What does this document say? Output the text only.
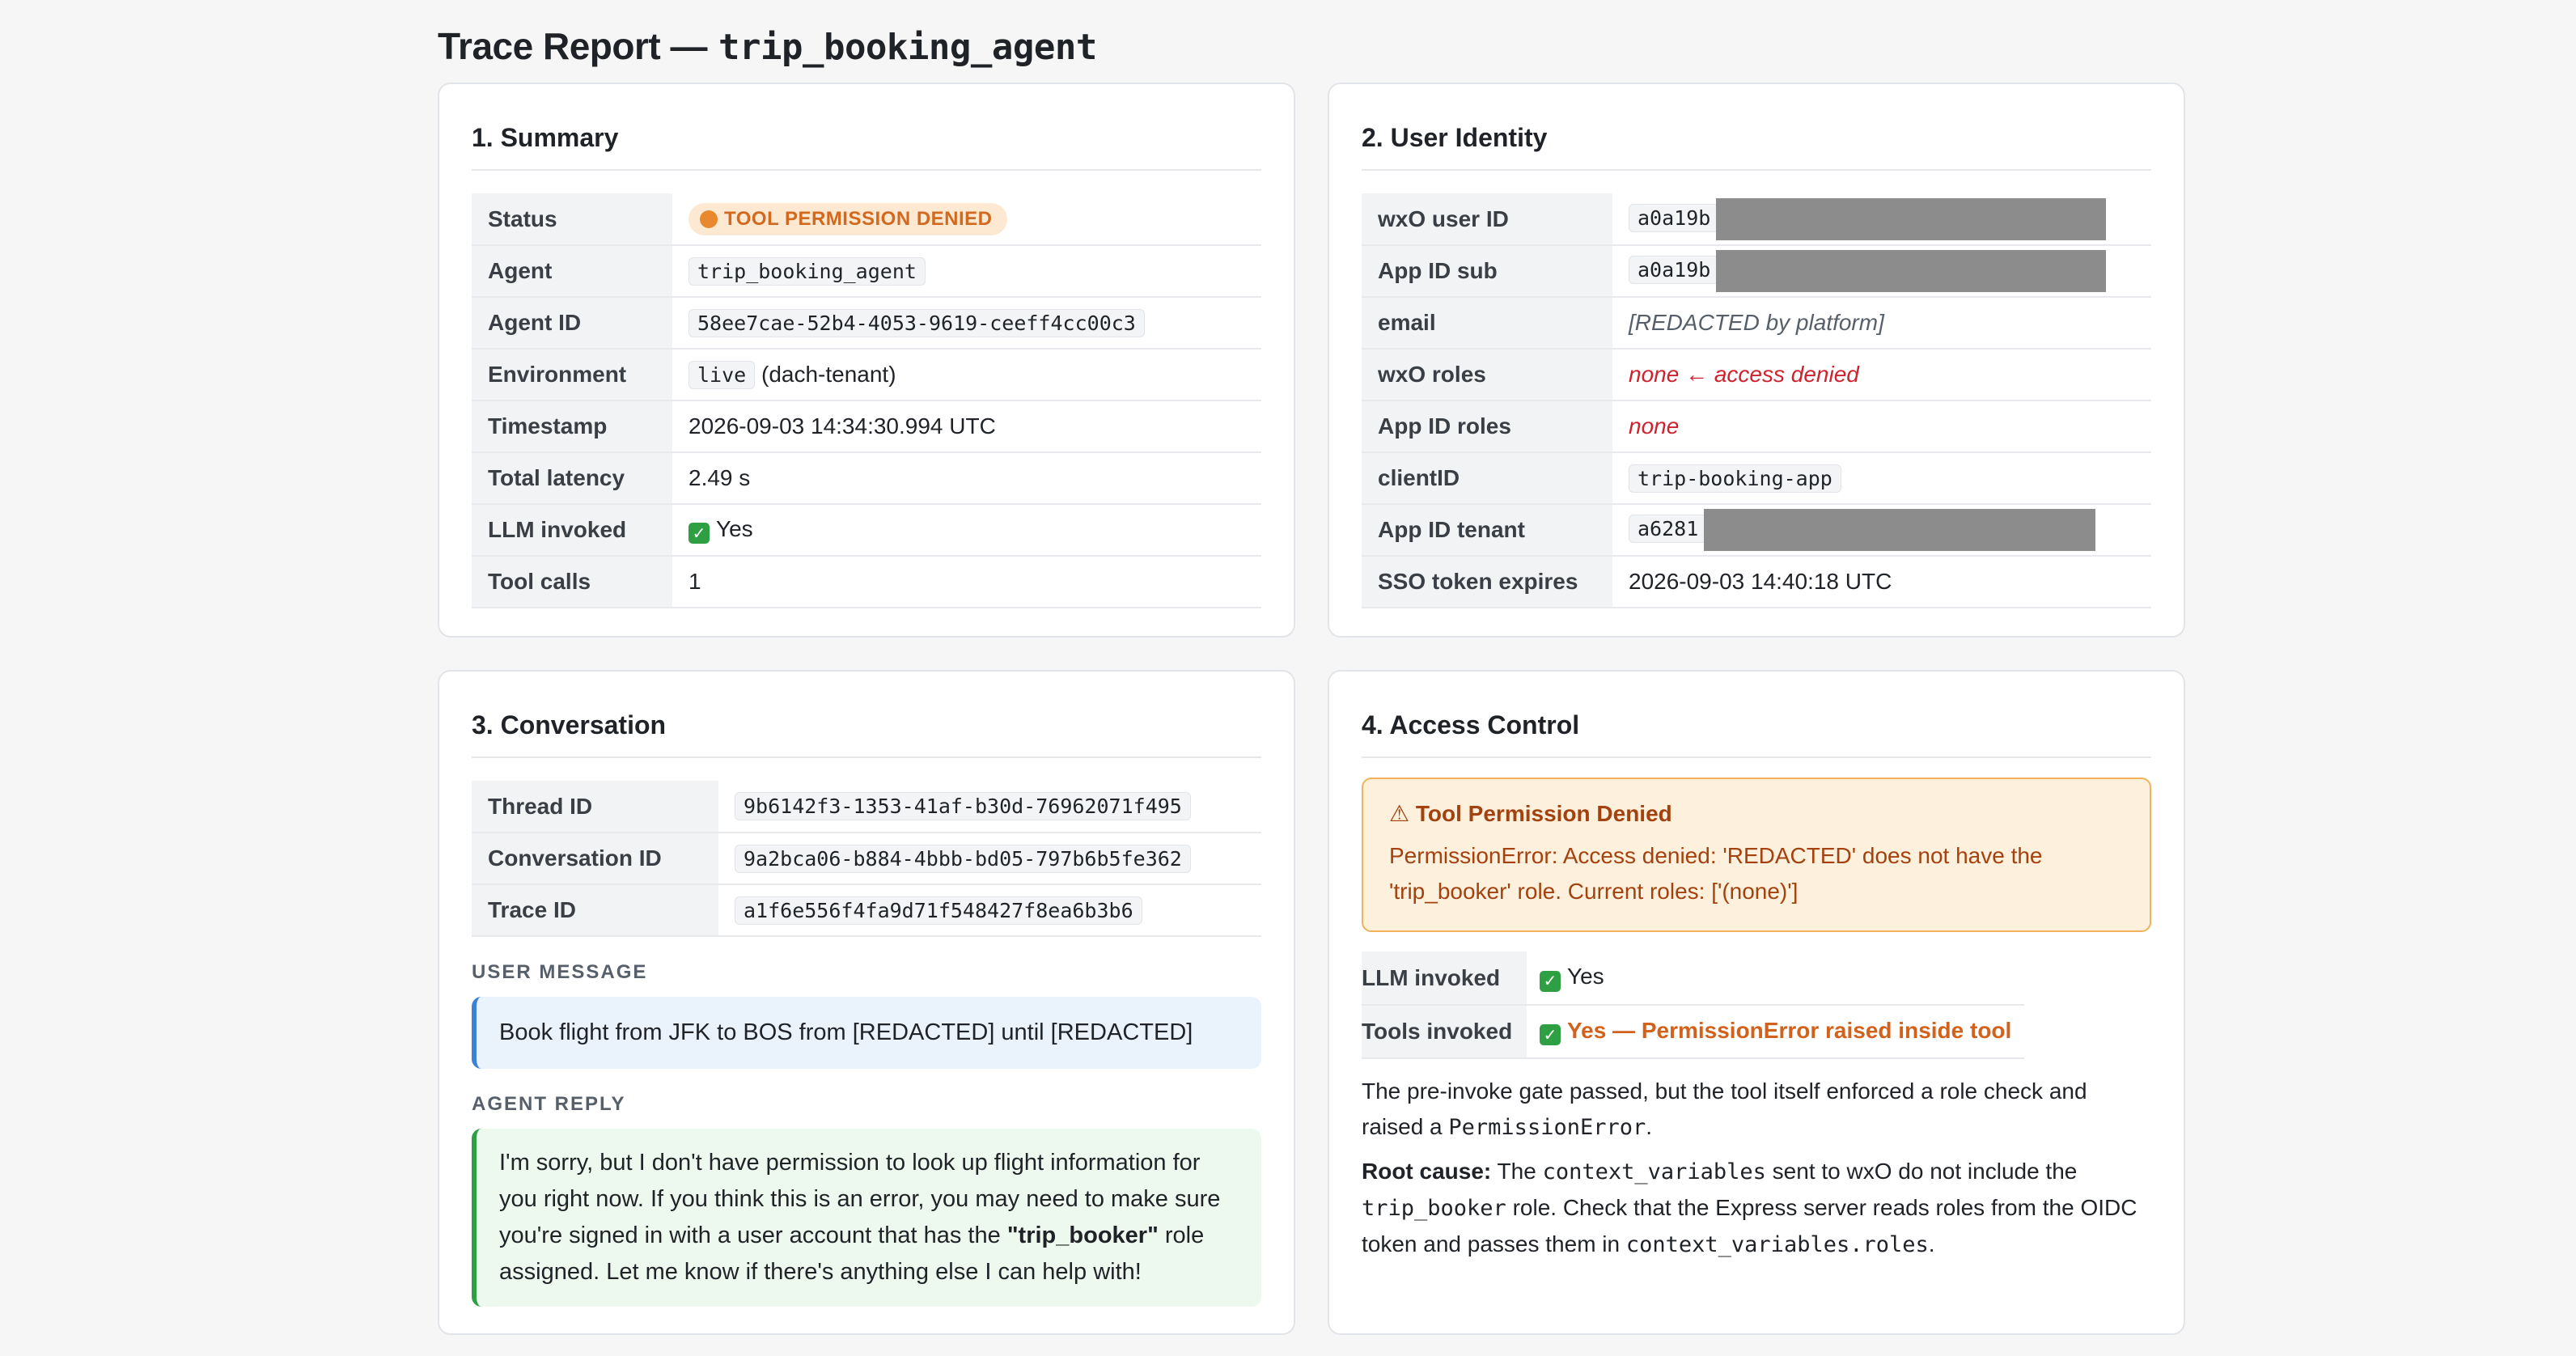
Trace Report — trip_booking_agent
1. Summary
Status	TOOL PERMISSION DENIED

Agent	trip_booking_agent
Agent ID	58ee7cae-52b4-4053-9619-ceeff4cc00c3
Environment	live (dach-tenant)
Timestamp	2026-09-03 14:34:30.994 UTC
Total latency	2.49 s
LLM invoked	✓ Yes
Tool calls	1
2. User Identity
wxO user ID	a0a19b
App ID sub	a0a19b
email	[REDACTED by platform]
wxO roles	none ← access denied
App ID roles	none
clientID	trip-booking-app
App ID tenant	a6281
SSO token expires	2026-09-03 14:40:18 UTC
3. Conversation
Thread ID	9b6142f3-1353-41af-b30d-76962071f495
Conversation ID	9a2bca06-b884-4bbb-bd05-797b6b5fe362
Trace ID	a1f6e556f4fa9d71f548427f8ea6b3b6
USER MESSAGE
Book flight from JFK to BOS from [REDACTED] until [REDACTED]
AGENT REPLY
I'm sorry, but I don't have permission to look up flight information for you right now. If you think this is an error, you may need to make sure you're signed in with a user account that has the "trip_booker" role assigned. Let me know if there's anything else I can help with!
4. Access Control
⚠ Tool Permission Denied
PermissionError: Access denied: 'REDACTED' does not have the 'trip_booker' role. Current roles: ['(none)']
LLM invoked	✓ Yes
Tools invoked	✓ Yes — PermissionError raised inside tool

The pre-invoke gate passed, but the tool itself enforced a role check and raised a PermissionError.

Root cause: The context_variables sent to wxO do not include the trip_booker role. Check that the Express server reads roles from the OIDC token and passes them in context_variables.roles.
